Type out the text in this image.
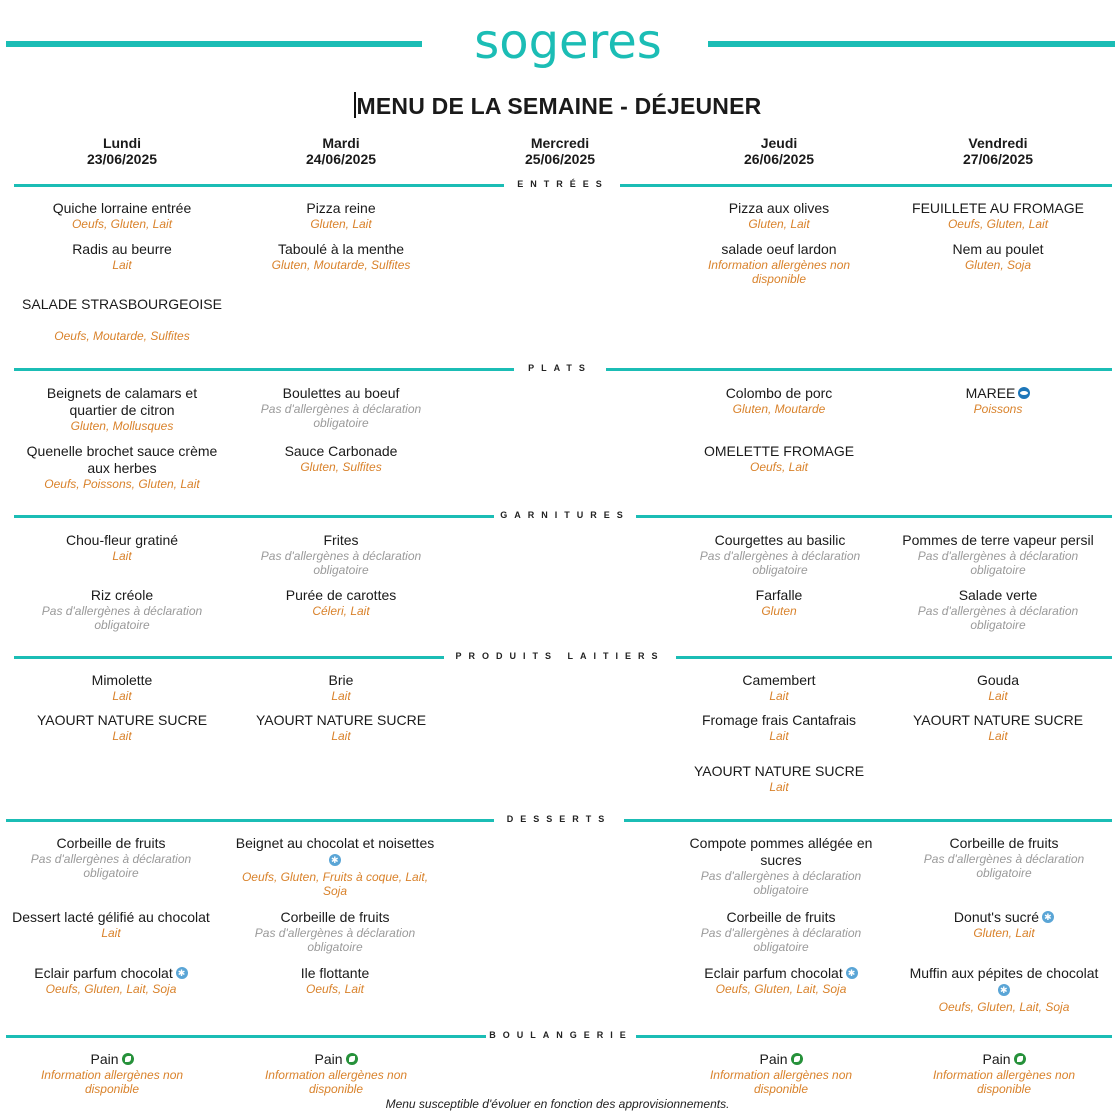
sogeres
MENU DE LA SEMAINE - DÉJEUNER
Lundi
23/06/2025
Mardi
24/06/2025
Mercredi
25/06/2025
Jeudi
26/06/2025
Vendredi
27/06/2025
ENTRÉES
Quiche lorraine entrée
Oeufs, Gluten, Lait
Radis au beurre
Lait
SALADE STRASBOURGEOISE
Oeufs, Moutarde, Sulfites
Pizza reine
Gluten, Lait
Taboulé à la menthe
Gluten, Moutarde, Sulfites
Pizza aux olives
Gluten, Lait
salade oeuf lardon
Information allergènes non disponible
FEUILLETE AU FROMAGE
Oeufs, Gluten, Lait
Nem au poulet
Gluten, Soja
PLATS
Beignets de calamars et quartier de citron
Gluten, Mollusques
Quenelle brochet sauce crème aux herbes
Oeufs, Poissons, Gluten, Lait
Boulettes au boeuf
Pas d'allergènes à déclaration obligatoire
Sauce Carbonade
Gluten, Sulfites
Colombo de porc
Gluten, Moutarde
OMELETTE FROMAGE
Oeufs, Lait
MAREE
Poissons
GARNITURES
Chou-fleur gratiné
Lait
Riz créole
Pas d'allergènes à déclaration obligatoire
Frites
Pas d'allergènes à déclaration obligatoire
Purée de carottes
Céleri, Lait
Courgettes au basilic
Pas d'allergènes à déclaration obligatoire
Farfalle
Gluten
Pommes de terre vapeur persil
Pas d'allergènes à déclaration obligatoire
Salade verte
Pas d'allergènes à déclaration obligatoire
PRODUITS LAITIERS
Mimolette
Lait
YAOURT NATURE SUCRE
Lait
Brie
Lait
YAOURT NATURE SUCRE
Lait
Camembert
Lait
Fromage frais Cantafrais
Lait
YAOURT NATURE SUCRE
Lait
Gouda
Lait
YAOURT NATURE SUCRE
Lait
DESSERTS
Corbeille de fruits
Pas d'allergènes à déclaration obligatoire
Dessert lacté gélifié au chocolat
Lait
Eclair parfum chocolat✱
Oeufs, Gluten, Lait, Soja
Beignet au chocolat et noisettes
✱
Oeufs, Gluten, Fruits à coque, Lait, Soja
Corbeille de fruits
Pas d'allergènes à déclaration obligatoire
Ile flottante
Oeufs, Lait
Compote pommes allégée en sucres
Pas d'allergènes à déclaration obligatoire
Corbeille de fruits
Pas d'allergènes à déclaration obligatoire
Eclair parfum chocolat✱
Oeufs, Gluten, Lait, Soja
Corbeille de fruits
Pas d'allergènes à déclaration obligatoire
Donut's sucré✱
Gluten, Lait
Muffin aux pépites de chocolat
✱
Oeufs, Gluten, Lait, Soja
BOULANGERIE
Pain
Information allergènes non disponible
Pain
Information allergènes non disponible
Pain
Information allergènes non disponible
Pain
Information allergènes non disponible
Menu susceptible d'évoluer en fonction des approvisionnements.
